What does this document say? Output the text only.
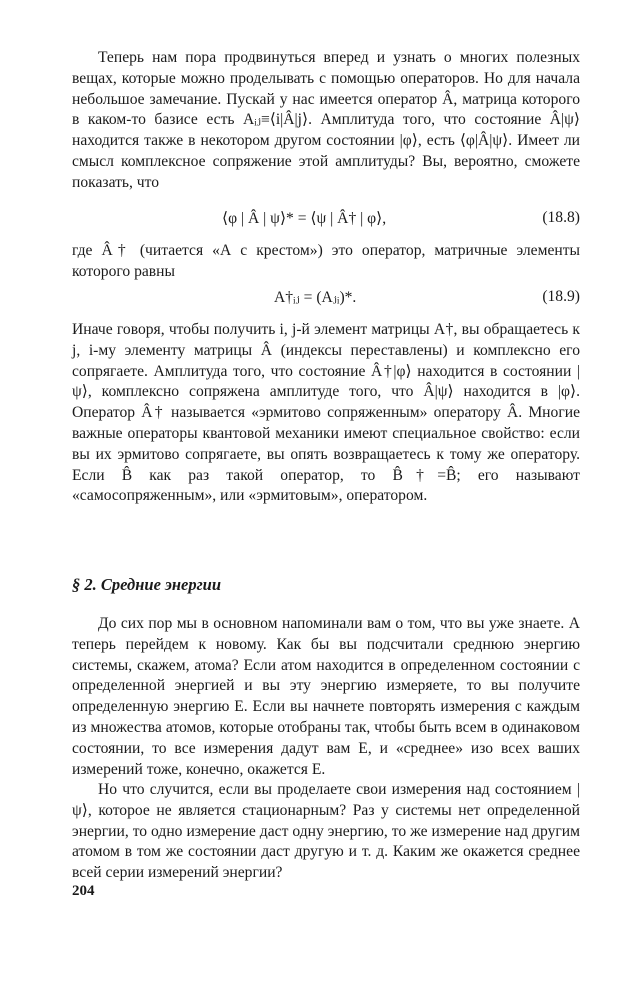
Теперь нам пора продвинуться вперед и узнать о многих полезных вещах, которые можно проделывать с помощью операторов. Но для начала небольшое замечание. Пускай у нас имеется оператор Â, матрица которого в каком-то базисе есть Aᵢⱼ≡⟨i|Â|j⟩. Амплитуда того, что состояние Â|ψ⟩ находится также в некотором другом состоянии |φ⟩, есть ⟨φ|Â|ψ⟩. Имеет ли смысл комплексное сопряжение этой амплитуды? Вы, вероятно, сможете показать, что

⟨φ | Â | ψ⟩* = ⟨ψ | Â† | φ⟩,	(18.8)

где Â† (читается «А с крестом») это оператор, матричные элементы которого равны

A†ᵢⱼ = (Aⱼᵢ)*.	(18.9)

Иначе говоря, чтобы получить i, j-й элемент матрицы A†, вы обращаетесь к j, i-му элементу матрицы Â (индексы переставлены) и комплексно его сопрягаете. Амплитуда того, что состояние Â†|φ⟩ находится в состоянии |ψ⟩, комплексно сопряжена амплитуде того, что Â|ψ⟩ находится в |φ⟩. Оператор Â† называется «эрмитово сопряженным» оператору Â. Многие важные операторы квантовой механики имеют специальное свойство: если вы их эрмитово сопрягаете, вы опять возвращаетесь к тому же оператору. Если B̂ как раз такой оператор, то B̂†=B̂; его называют «самосопряженным», или «эрмитовым», оператором.

§ 2. Средние энергии

До сих пор мы в основном напоминали вам о том, что вы уже знаете. А теперь перейдем к новому. Как бы вы подсчитали среднюю энергию системы, скажем, атома? Если атом находится в определенном состоянии с определенной энергией и вы эту энергию измеряете, то вы получите определенную энергию E. Если вы начнете повторять измерения с каждым из множества атомов, которые отобраны так, чтобы быть всем в одинаковом состоянии, то все измерения дадут вам E, и «среднее» изо всех ваших измерений тоже, конечно, окажется E.

Но что случится, если вы проделаете свои измерения над состоянием |ψ⟩, которое не является стационарным? Раз у системы нет определенной энергии, то одно измерение даст одну энергию, то же измерение над другим атомом в том же состоянии даст другую и т. д. Каким же окажется среднее всей серии измерений энергии?

204
